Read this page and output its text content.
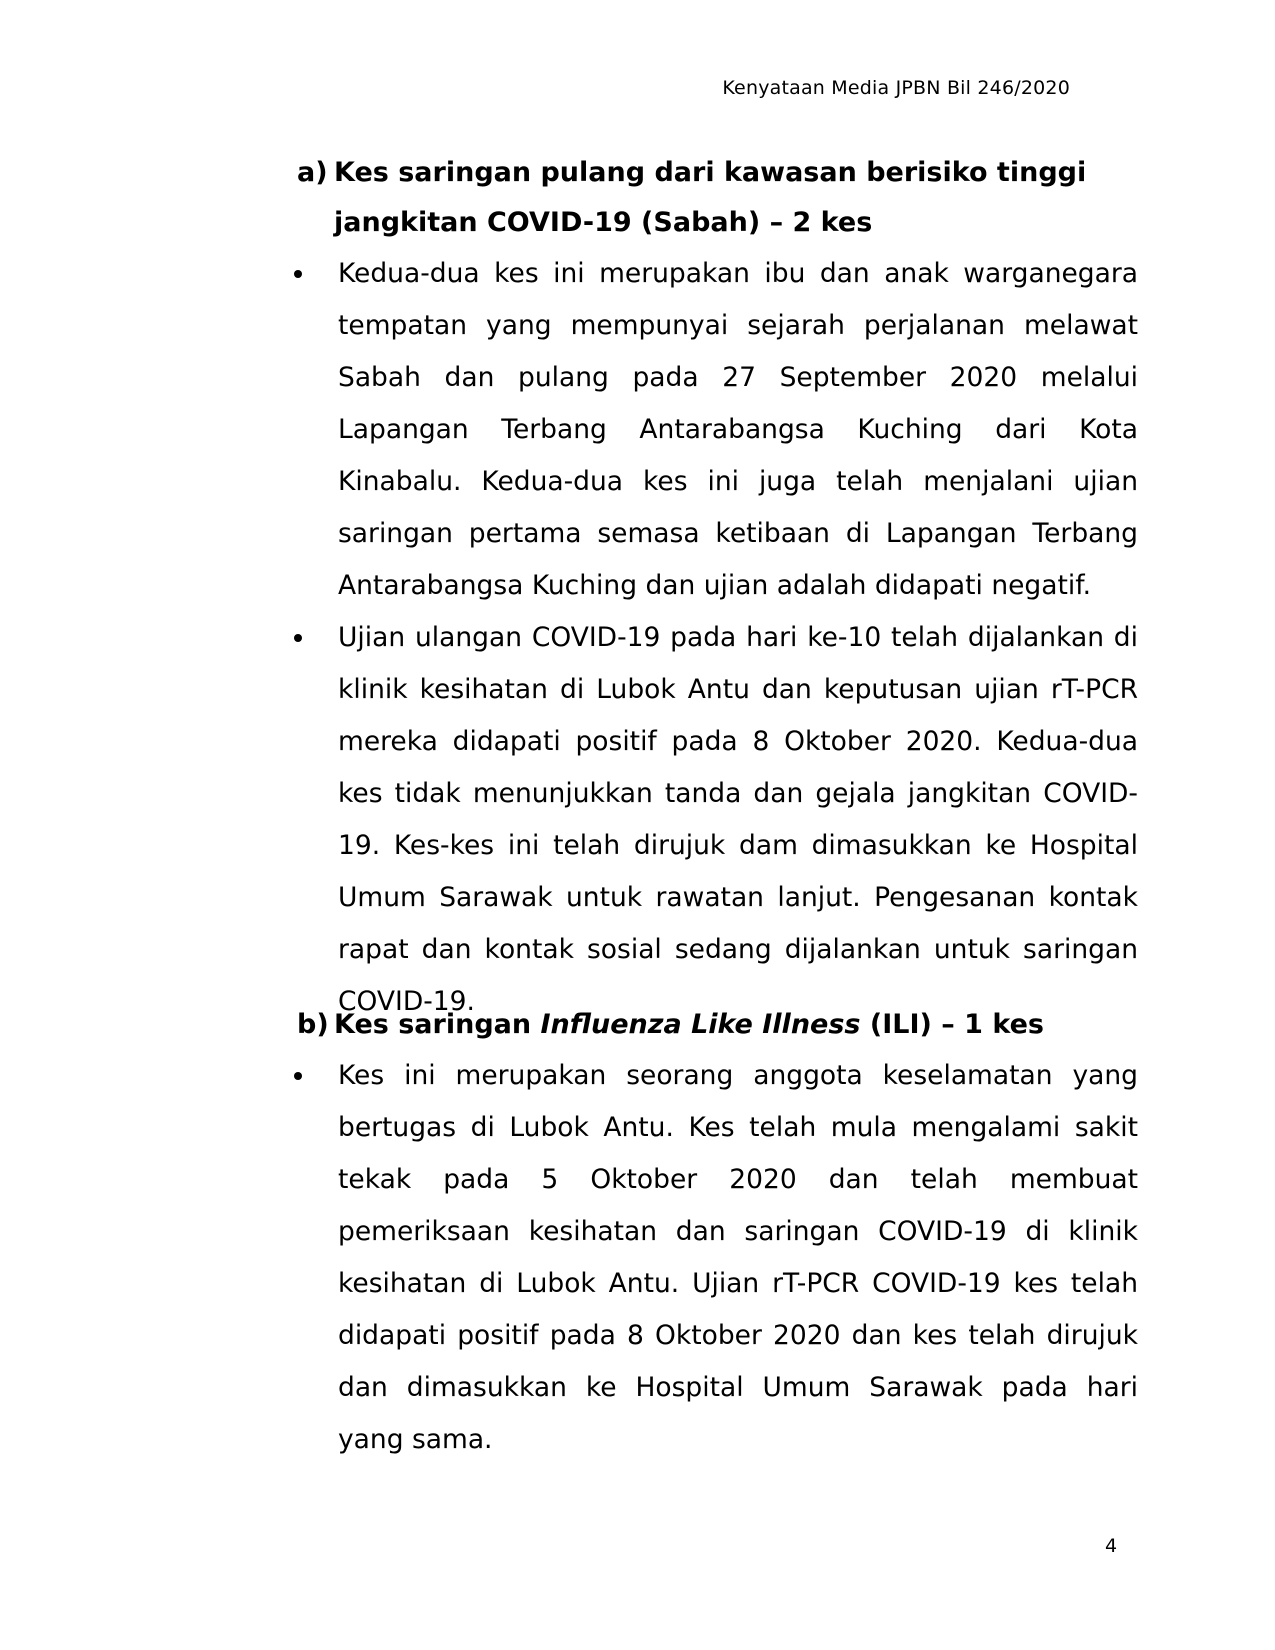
Kenyataan Media JPBN Bil 246/2020
a) Kes saringan pulang dari kawasan berisiko tinggi jangkitan COVID-19 (Sabah) – 2 kes
Kedua-dua kes ini merupakan ibu dan anak warganegara tempatan yang mempunyai sejarah perjalanan melawat Sabah dan pulang pada 27 September 2020 melalui Lapangan Terbang Antarabangsa Kuching dari Kota Kinabalu. Kedua-dua kes ini juga telah menjalani ujian saringan pertama semasa ketibaan di Lapangan Terbang Antarabangsa Kuching dan ujian adalah didapati negatif.
Ujian ulangan COVID-19 pada hari ke-10 telah dijalankan di klinik kesihatan di Lubok Antu dan keputusan ujian rT-PCR mereka didapati positif pada 8 Oktober 2020. Kedua-dua kes tidak menunjukkan tanda dan gejala jangkitan COVID-19. Kes-kes ini telah dirujuk dam dimasukkan ke Hospital Umum Sarawak untuk rawatan lanjut. Pengesanan kontak rapat dan kontak sosial sedang dijalankan untuk saringan COVID-19.
b) Kes saringan Influenza Like Illness (ILI) – 1 kes
Kes ini merupakan seorang anggota keselamatan yang bertugas di Lubok Antu. Kes telah mula mengalami sakit tekak pada 5 Oktober 2020 dan telah membuat pemeriksaan kesihatan dan saringan COVID-19 di klinik kesihatan di Lubok Antu. Ujian rT-PCR COVID-19 kes telah didapati positif pada 8 Oktober 2020 dan kes telah dirujuk dan dimasukkan ke Hospital Umum Sarawak pada hari yang sama.
4
